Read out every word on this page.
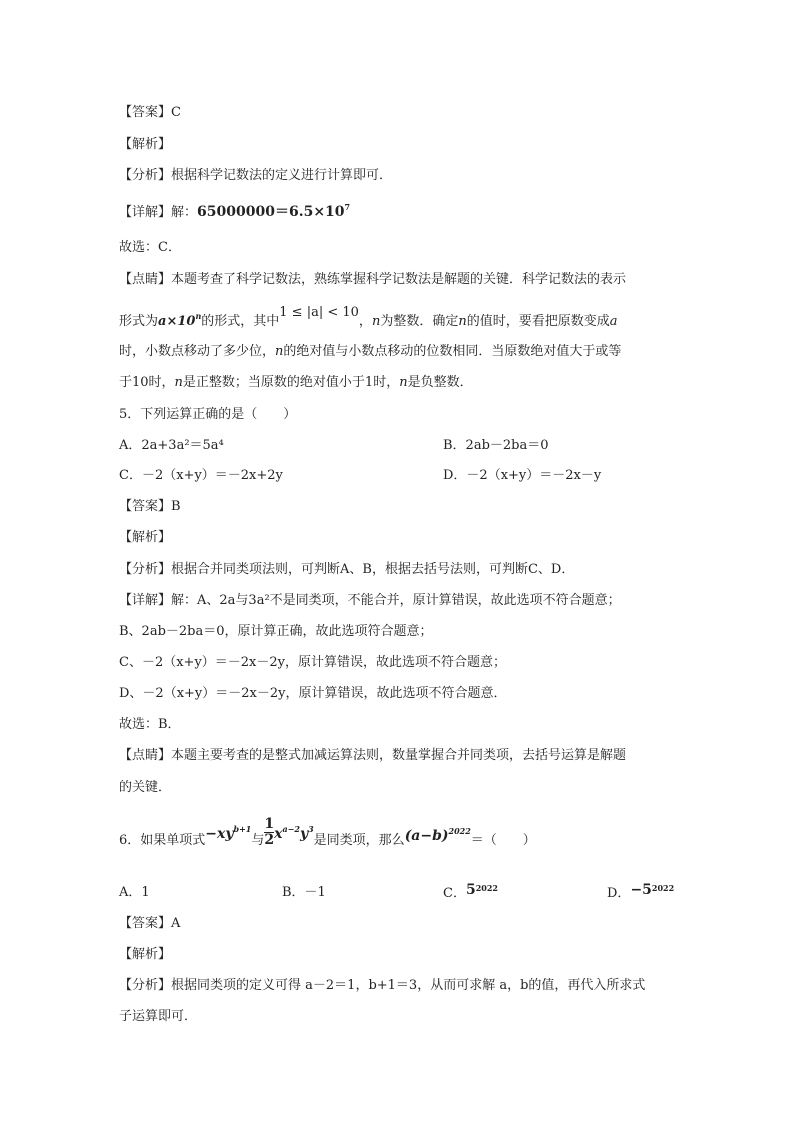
【答案】C
【解析】
【分析】根据科学记数法的定义进行计算即可．
【详解】解：$65000000=6.5\times 10^7$
故选：C．
【点睛】本题考查了科学记数法，熟练掌握科学记数法是解题的关键．科学记数法的表示
形式为$a\times 10^n$的形式，其中1 ≤ |a| < 10，n为整数．确定n的值时，要看把原数变成a
时，小数点移动了多少位，n的绝对值与小数点移动的位数相同．当原数绝对值大于或等
于10时，n是正整数；当原数的绝对值小于1时，n是负整数．
5．下列运算正确的是（　　）
A．2a+3a²＝5a⁴	B．2ab－2ba＝0
C．－2（x+y）＝－2x+2y	D．－2（x+y）＝－2x－y
【答案】B
【解析】
【分析】根据合并同类项法则，可判断A、B，根据去括号法则，可判断C、D．
【详解】解：A、2a与3a²不是同类项，不能合并，原计算错误，故此选项不符合题意；
B、2ab－2ba＝0，原计算正确，故此选项符合题意；
C、－2（x+y）＝－2x－2y，原计算错误，故此选项不符合题意；
D、－2（x+y）＝－2x－2y，原计算错误，故此选项不符合题意．
故选：B．
【点睛】本题主要考查的是整式加减运算法则，数量掌握合并同类项，去括号运算是解题
的关键．
6．如果单项式$-xy^{b+1}$与 $\frac{1}{2} x^{a-2}y^3$是同类项，那么$(a-b)^{2022}=$（　　）
A．1	B．－1	C．$5^{2022}$	D．$-5^{2022}$
【答案】A
【解析】
【分析】根据同类项的定义可得 a－2＝1，b+1＝3，从而可求解 a，b的值，再代入所求式
子运算即可．
